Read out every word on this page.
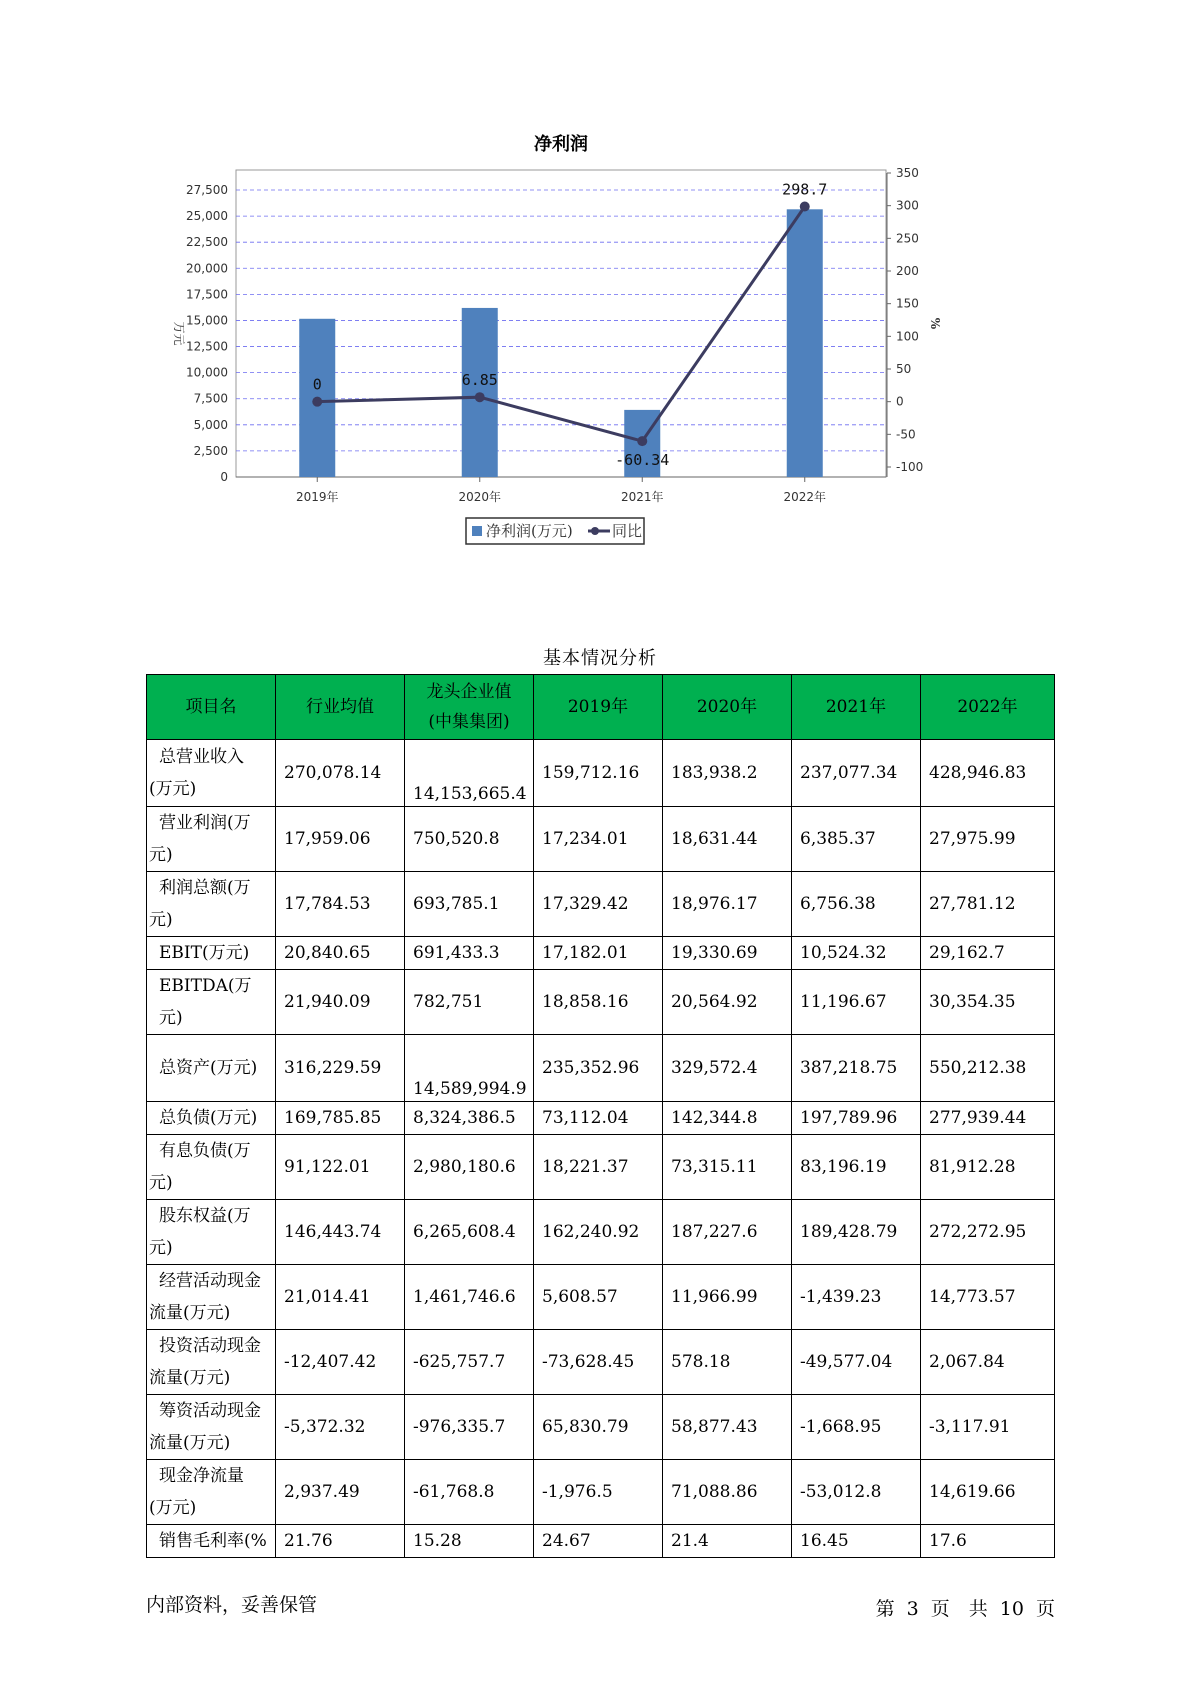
净利润
0
2,500
5,000
7,500
10,000
12,500
15,000
17,500
20,000
22,500
25,000
27,500
-100
-50
0
50
100
150
200
250
300
350
万元	%
2019年	2020年	2021年	2022年
0	6.85
-60.34
298.7
净利润(万元)	同比
基本情况分析
项目名	行业均值	龙头企业值
(中集集团)	2019年	2020年	2021年	2022年

总营业收入
(万元)	270,078.14	14,153,665.4	159,712.16	183,938.2	237,077.34	428,946.83

营业利润(万
元)	17,959.06	750,520.8	17,234.01	18,631.44	6,385.37	27,975.99

利润总额(万
元)	17,784.53	693,785.1	17,329.42	18,976.17	6,756.38	27,781.12

EBIT(万元)	20,840.65	691,433.3	17,182.01	19,330.69	10,524.32	29,162.7

EBITDA(万元)	21,940.09	782,751	18,858.16	20,564.92	11,196.67	30,354.35

总资产(万元)	316,229.59	14,589,994.9	235,352.96	329,572.4	387,218.75	550,212.38

总负债(万元)	169,785.85	8,324,386.5	73,112.04	142,344.8	197,789.96	277,939.44

有息负债(万
元)	91,122.01	2,980,180.6	18,221.37	73,315.11	83,196.19	81,912.28

股东权益(万
元)	146,443.74	6,265,608.4	162,240.92	187,227.6	189,428.79	272,272.95

经营活动现金
流量(万元)	21,014.41	1,461,746.6	5,608.57	11,966.99	-1,439.23	14,773.57

投资活动现金
流量(万元)	-12,407.42	-625,757.7	-73,628.45	578.18	-49,577.04	2,067.84

筹资活动现金
流量(万元)	-5,372.32	-976,335.7	65,830.79	58,877.43	-1,668.95	-3,117.91

现金净流量
(万元)	2,937.49	-61,768.8	-1,976.5	71,088.86	-53,012.8	14,619.66

销售毛利率(%	21.76	15.28	24.67	21.4	16.45	17.6
内部资料，妥善保管	第 3 页　共 10 页
